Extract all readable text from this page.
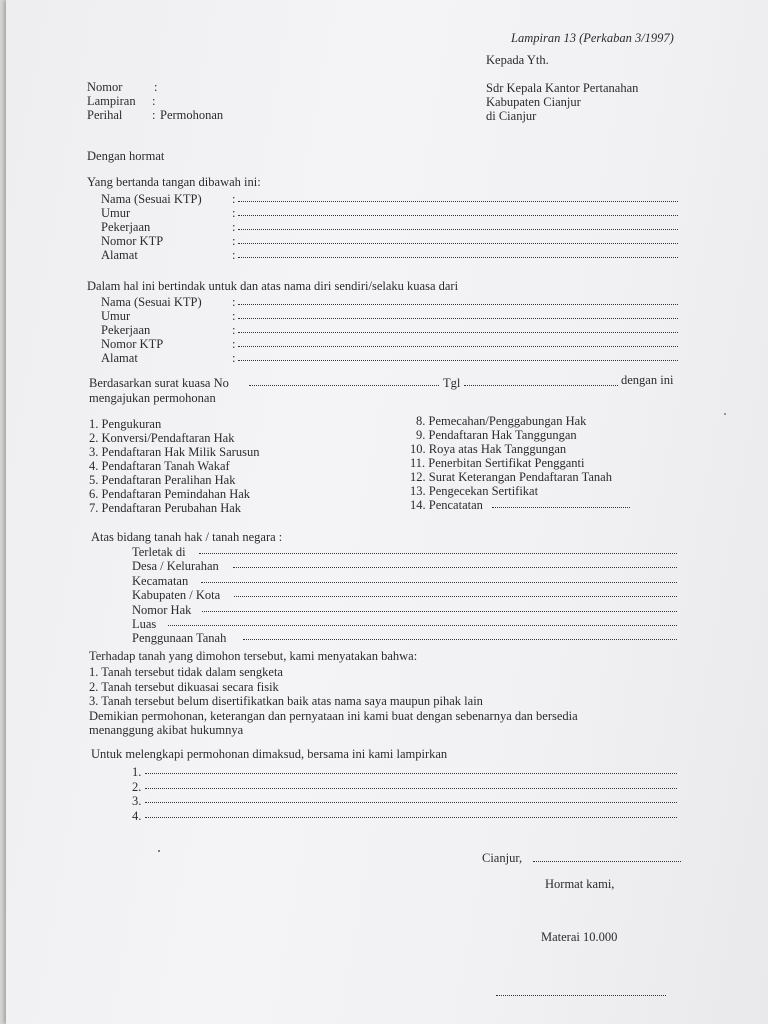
Lampiran 13 (Perkaban 3/1997)
Kepada Yth.
Sdr Kepala Kantor Pertanahan
Kabupaten Cianjur
di Cianjur
Nomor
Lampiran
Perihal
:
:
: Permohonan
Dengan hormat
Yang bertanda tangan dibawah ini:
Nama (Sesuai KTP)
Umur
Pekerjaan
Nomor KTP
Alamat
:
:
:
:
:
Dalam hal ini bertindak untuk dan atas nama diri sendiri/selaku kuasa dari
Nama (Sesuai KTP)
Umur
Pekerjaan
Nomor KTP
Alamat
:
:
:
:
:
Berdasarkan surat kuasa No	Tgl	dengan ini
mengajukan permohonan
1. Pengukuran
2. Konversi/Pendaftaran Hak
3. Pendaftaran Hak Milik Sarusun
4. Pendaftaran Tanah Wakaf
5. Pendaftaran Peralihan Hak
6. Pendaftaran Pemindahan Hak
7. Pendaftaran Perubahan Hak
8. Pemecahan/Penggabungan Hak
9. Pendaftaran Hak Tanggungan
10. Roya atas Hak Tanggungan
11. Penerbitan Sertifikat Pengganti
12. Surat Keterangan Pendaftaran Tanah
13. Pengecekan Sertifikat
14. Pencatatan
Atas bidang tanah hak / tanah negara :
Terletak di
Desa / Kelurahan
Kecamatan
Kabupaten / Kota
Nomor Hak
Luas
Penggunaan Tanah
Terhadap tanah yang dimohon tersebut, kami menyatakan bahwa:
1. Tanah tersebut tidak dalam sengketa
2. Tanah tersebut dikuasai secara fisik
3. Tanah tersebut belum disertifikatkan baik atas nama saya maupun pihak lain
Demikian permohonan, keterangan dan pernyataan ini kami buat dengan sebenarnya dan bersedia
menanggung akibat hukumnya
Untuk melengkapi permohonan dimaksud, bersama ini kami lampirkan
1.
2.
3.
4.
Cianjur,
Hormat kami,
Materai 10.000
